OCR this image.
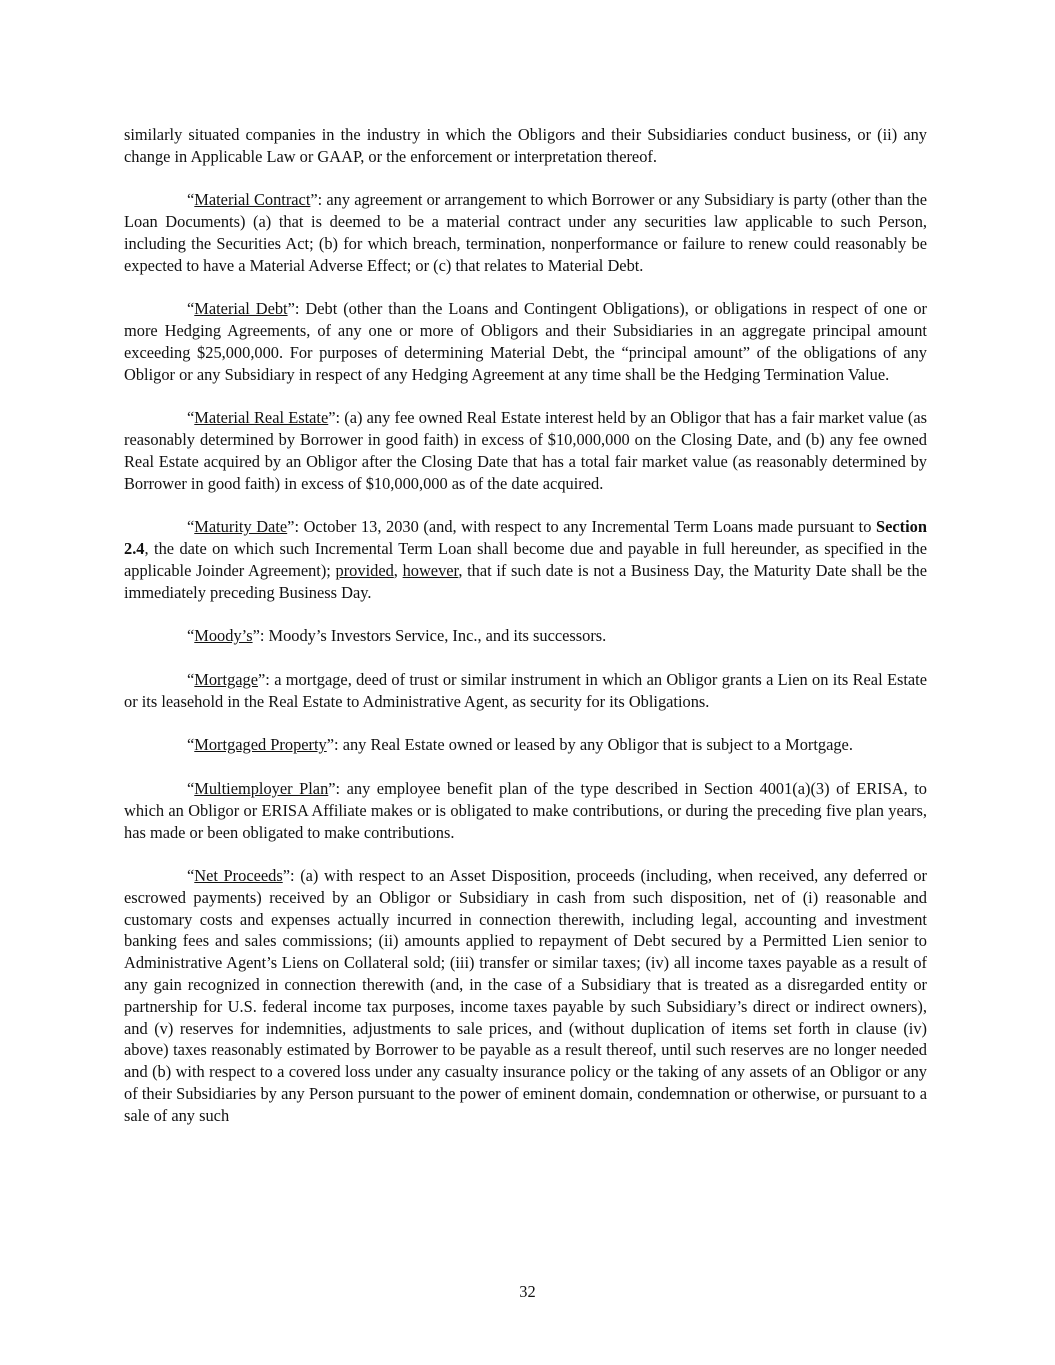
similarly situated companies in the industry in which the Obligors and their Subsidiaries conduct business, or (ii) any change in Applicable Law or GAAP, or the enforcement or interpretation thereof.

“Material Contract”: any agreement or arrangement to which Borrower or any Subsidiary is party (other than the Loan Documents) (a) that is deemed to be a material contract under any securities law applicable to such Person, including the Securities Act; (b) for which breach, termination, nonperformance or failure to renew could reasonably be expected to have a Material Adverse Effect; or (c) that relates to Material Debt.

“Material Debt”: Debt (other than the Loans and Contingent Obligations), or obligations in respect of one or more Hedging Agreements, of any one or more of Obligors and their Subsidiaries in an aggregate principal amount exceeding $25,000,000. For purposes of determining Material Debt, the “principal amount” of the obligations of any Obligor or any Subsidiary in respect of any Hedging Agreement at any time shall be the Hedging Termination Value.

“Material Real Estate”: (a) any fee owned Real Estate interest held by an Obligor that has a fair market value (as reasonably determined by Borrower in good faith) in excess of $10,000,000 on the Closing Date, and (b) any fee owned Real Estate acquired by an Obligor after the Closing Date that has a total fair market value (as reasonably determined by Borrower in good faith) in excess of $10,000,000 as of the date acquired.

“Maturity Date”: October 13, 2030 (and, with respect to any Incremental Term Loans made pursuant to Section 2.4, the date on which such Incremental Term Loan shall become due and payable in full hereunder, as specified in the applicable Joinder Agreement); provided, however, that if such date is not a Business Day, the Maturity Date shall be the immediately preceding Business Day.

“Moody’s”: Moody’s Investors Service, Inc., and its successors.

“Mortgage”: a mortgage, deed of trust or similar instrument in which an Obligor grants a Lien on its Real Estate or its leasehold in the Real Estate to Administrative Agent, as security for its Obligations.

“Mortgaged Property”: any Real Estate owned or leased by any Obligor that is subject to a Mortgage.

“Multiemployer Plan”: any employee benefit plan of the type described in Section 4001(a)(3) of ERISA, to which an Obligor or ERISA Affiliate makes or is obligated to make contributions, or during the preceding five plan years, has made or been obligated to make contributions.

“Net Proceeds”: (a) with respect to an Asset Disposition, proceeds (including, when received, any deferred or escrowed payments) received by an Obligor or Subsidiary in cash from such disposition, net of (i) reasonable and customary costs and expenses actually incurred in connection therewith, including legal, accounting and investment banking fees and sales commissions; (ii) amounts applied to repayment of Debt secured by a Permitted Lien senior to Administrative Agent’s Liens on Collateral sold; (iii) transfer or similar taxes; (iv) all income taxes payable as a result of any gain recognized in connection therewith (and, in the case of a Subsidiary that is treated as a disregarded entity or partnership for U.S. federal income tax purposes, income taxes payable by such Subsidiary’s direct or indirect owners), and (v) reserves for indemnities, adjustments to sale prices, and (without duplication of items set forth in clause (iv) above) taxes reasonably estimated by Borrower to be payable as a result thereof, until such reserves are no longer needed and (b) with respect to a covered loss under any casualty insurance policy or the taking of any assets of an Obligor or any of their Subsidiaries by any Person pursuant to the power of eminent domain, condemnation or otherwise, or pursuant to a sale of any such

32
